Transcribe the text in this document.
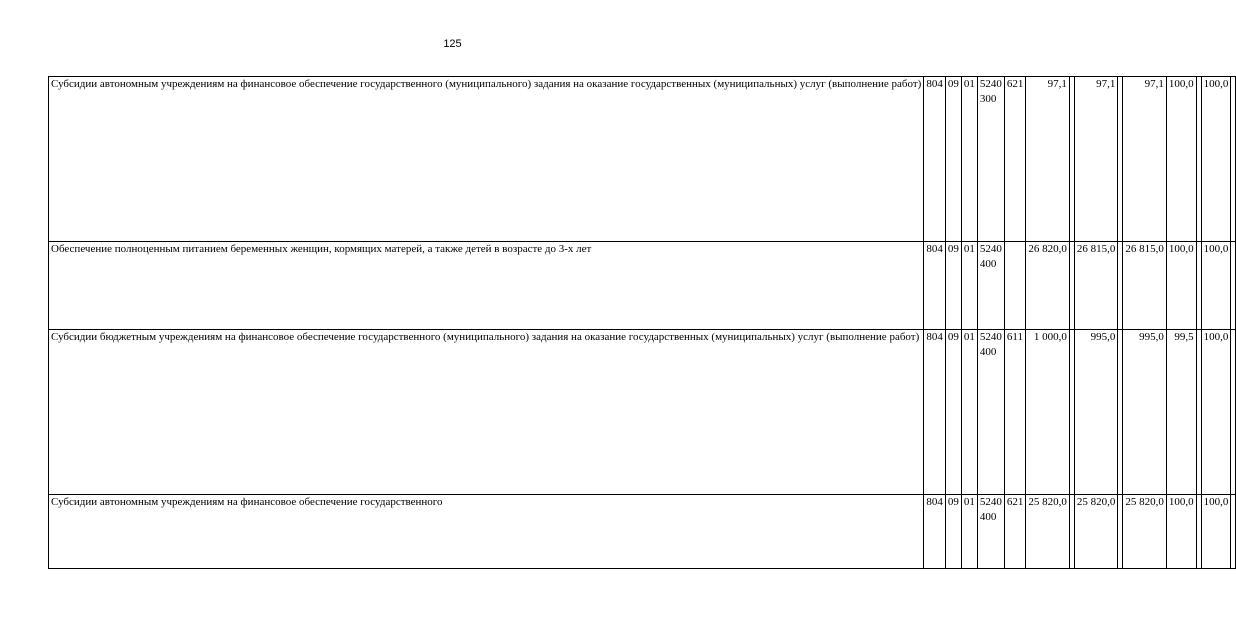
125
Субсидии автономным учреждениям на финансовое обеспечение государственного (муниципального) задания на оказание государственных (муниципальных) услуг (выполнение работ)	804	09	01	5240
300	621	97,1		97,1		97,1	100,0		100,0	
Обеспечение полноценным питанием беременных женщин, кормящих матерей, а также детей в возрасте до 3-х лет	804	09	01	5240
400		26 820,0		26 815,0		26 815,0	100,0		100,0	
Субсидии бюджетным учреждениям на финансовое обеспечение государственного (муниципального) задания на оказание государственных (муниципальных) услуг (выполнение работ)	804	09	01	5240
400	611	1 000,0		995,0		995,0	99,5		100,0	
Субсидии автономным учреждениям на финансовое обеспечение государственного	804	09	01	5240
400	621	25 820,0		25 820,0		25 820,0	100,0		100,0	
